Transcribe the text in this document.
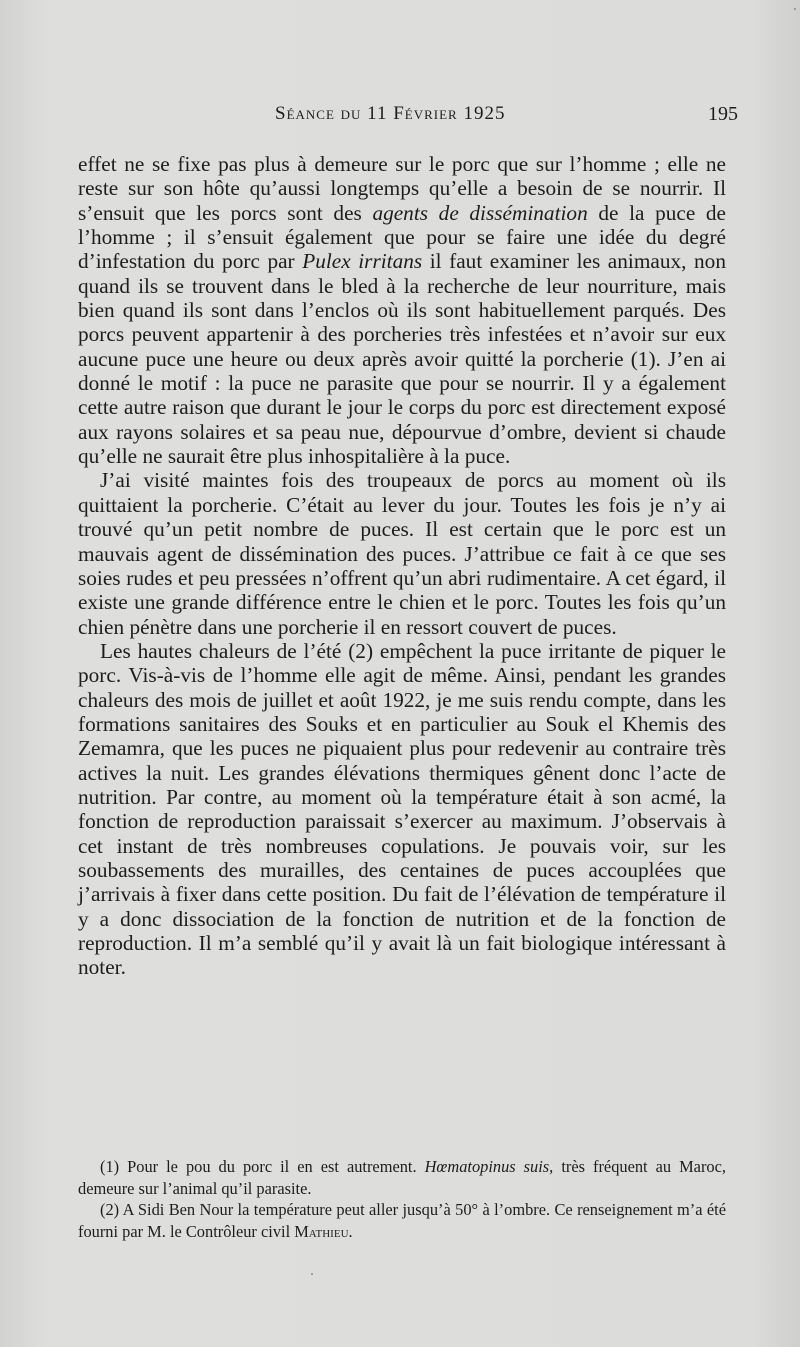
Séance du 11 Février 1925	195

effet ne se fixe pas plus à demeure sur le porc que sur l’homme ; elle ne reste sur son hôte qu’aussi longtemps qu’elle a besoin de se nourrir. Il s’ensuit que les porcs sont des agents de dissémination de la puce de l’homme ; il s’ensuit également que pour se faire une idée du degré d’infestation du porc par Pulex irritans il faut examiner les animaux, non quand ils se trouvent dans le bled à la recherche de leur nourriture, mais bien quand ils sont dans l’enclos où ils sont habituellement parqués. Des porcs peuvent appartenir à des porcheries très infestées et n’avoir sur eux aucune puce une heure ou deux après avoir quitté la porcherie (1). J’en ai donné le motif : la puce ne parasite que pour se nourrir. Il y a également cette autre raison que durant le jour le corps du porc est directement exposé aux rayons solaires et sa peau nue, dépourvue d’ombre, devient si chaude qu’elle ne saurait être plus inhospitalière à la puce.

J’ai visité maintes fois des troupeaux de porcs au moment où ils quittaient la porcherie. C’était au lever du jour. Toutes les fois je n’y ai trouvé qu’un petit nombre de puces. Il est certain que le porc est un mauvais agent de dissémination des puces. J’attribue ce fait à ce que ses soies rudes et peu pressées n’offrent qu’un abri rudimentaire. A cet égard, il existe une grande différence entre le chien et le porc. Toutes les fois qu’un chien pénètre dans une porcherie il en ressort couvert de puces.

Les hautes chaleurs de l’été (2) empêchent la puce irritante de piquer le porc. Vis-à-vis de l’homme elle agit de même. Ainsi, pendant les grandes chaleurs des mois de juillet et août 1922, je me suis rendu compte, dans les formations sanitaires des Souks et en particulier au Souk el Khemis des Zemamra, que les puces ne piquaient plus pour redevenir au contraire très actives la nuit. Les grandes élévations thermiques gênent donc l’acte de nutrition. Par contre, au moment où la température était à son acmé, la fonction de reproduction paraissait s’exercer au maximum. J’observais à cet instant de très nombreuses copulations. Je pouvais voir, sur les soubassements des murailles, des centaines de puces accouplées que j’arrivais à fixer dans cette position. Du fait de l’élévation de température il y a donc dissociation de la fonction de nutrition et de la fonction de reproduction. Il m’a semblé qu’il y avait là un fait biologique intéressant à noter.

(1) Pour le pou du porc il en est autrement. Hœmatopinus suis, très fréquent au Maroc, demeure sur l’animal qu’il parasite.

(2) A Sidi Ben Nour la température peut aller jusqu’à 50° à l’ombre. Ce renseignement m’a été fourni par M. le Contrôleur civil Mathieu.
